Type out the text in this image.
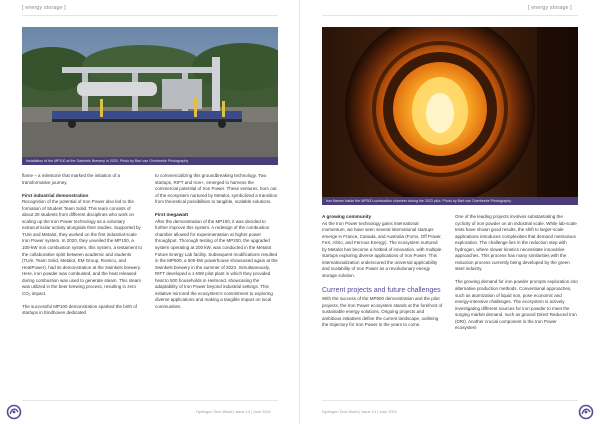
[ energy storage ]
Installation of the MP100 at the Swinkels Brewery in 2020. Photo by Bart van Overbeeke Photography

flame – a milestone that marked the initiation of a transformative journey.

First industrial demonstration

Recognition of the potential of Iron Power also led to the formation of Student Team Solid. This team consists of about 30 students from different disciplines who work on scaling up the Iron Power technology as a voluntary extracurricular activity alongside their studies. Supported by TU/e and Metalot, they worked on the first industrial-scale Iron Power system. In 2020, they unveiled the MP100, a 100-kW iron combustion system, this system, a testament to the collaborative spirit between academic and students (TU/e, Team Solid, Metalot, EM Group, Romico, and HeatPower), had its demonstration at the Swinkels brewery. Here, iron powder was combusted, and the heat released during combustion was used to generate steam. This steam was utilized in the beer brewing process, resulting in zero CO₂ impact.

The successful MP100 demonstration sparked the birth of startups in Eindhoven dedicated

to commercializing this groundbreaking technology. Two startups, RIFT and Iron+, emerged to harness the commercial potential of Iron Power. These ventures, born out of the ecosystem nurtured by Metalot, symbolized a transition from theoretical possibilities to tangible, scalable solutions.

First megawatt

After the demonstration of the MP100, it was decided to further improve this system. A redesign of the combustion chamber allowed for experimentation at higher power throughput. Thorough testing of the MP200, the upgraded system operating at 200 kW, was conducted in the Metalot Future Energy Lab facility. Subsequent modifications resulted in the MP500, a 500-kW powerhouse showcased again at the Swinkels brewery in the summer of 2023. Simultaneously, RIFT developed a 1-MW pilot plant in which they provided heat to 500 households in Helmond, showcasing the adaptability of Iron Power beyond industrial settings. This initiative mirrored the ecosystem's commitment to exploring diverse applications and making a tangible impact on local communities.

Hydrogen Tech World | Issue 14 | June 2024
[ energy storage ]
Iron flames inside the MP500 combustion chamber during the 2023 pilot. Photo by Bart van Overbeeke Photography
A growing community

As the Iron Power technology gains international momentum, we have seen several international startups emerge in France, Canada, and Australia (Fornx, Off Power, FeX, Altiro, and Ferrous Energy). The ecosystem nurtured by Metalot has become a hotbed of innovation, with multiple startups exploring diverse applications of Iron Power. This internationalization underscored the universal applicability and scalability of Iron Power as a revolutionary energy storage solution.

Current projects and future challenges

With the success of the MP500 demonstration and the pilot projects, the Iron Power ecosystem stands at the forefront of sustainable energy solutions. Ongoing projects and ambitious initiatives define the current landscape, outlining the trajectory for Iron Power in the years to come.

One of the leading projects involves substantiating the cyclicity of iron powder on an industrial scale. While lab-scale tests have shown good results, the shift to larger-scale applications introduces complexities that demand meticulous exploration. The challenge lies in the reduction step with hydrogen, where slower kinetics necessitate innovative approaches. This process has many similarities with the reduction process currently being developed by the green steel industry.

The growing demand for iron powder prompts exploration into alternative production methods. Conventional approaches, such as atomization of liquid iron, pose economic and energy-intensive challenges. The ecosystem is actively investigating different sources for iron powder to meet the surging market demand, such as ground Direct Reduced Iron (DRI). Another crucial component in the Iron Power ecosystem

Hydrogen Tech World | Issue 14 | June 2024
